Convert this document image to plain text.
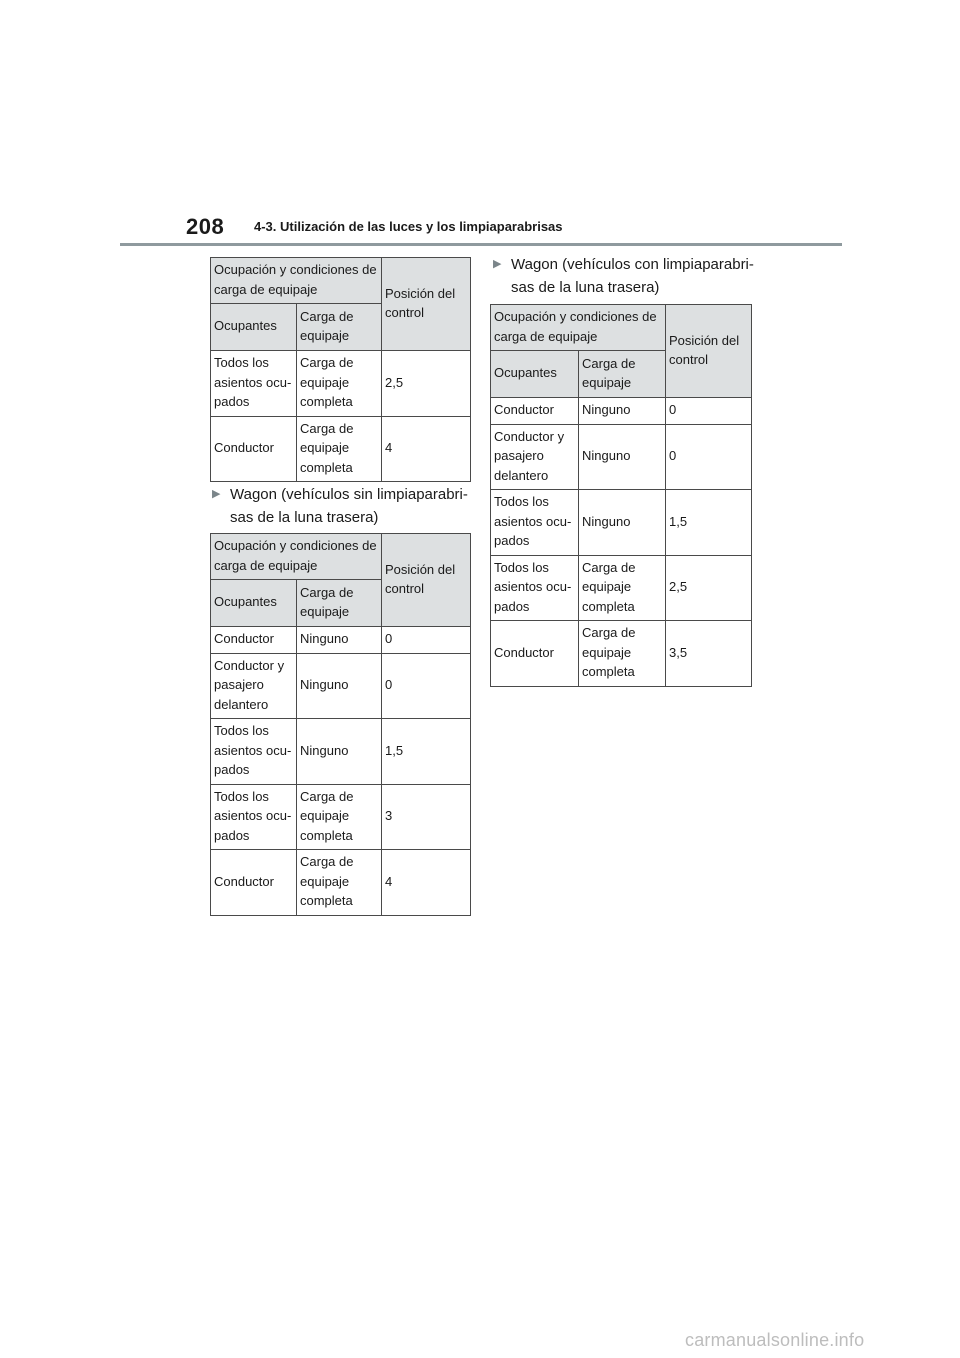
208 4-3. Utilización de las luces y los limpiaparabrisas
Ocupación y condiciones de carga de equipaje		Posición del control
Ocupantes	Carga de equipaje	
Todos los asientos ocu-pados	Carga de equipaje completa	2,5
Conductor	Carga de equipaje completa	4
▶ Wagon (vehículos sin limpiaparabri-sas de la luna trasera)
Ocupación y condiciones de carga de equipaje		Posición del control
Ocupantes	Carga de equipaje	
Conductor	Ninguno	0
Conductor y pasajero delantero	Ninguno	0
Todos los asientos ocu-pados	Ninguno	1,5
Todos los asientos ocu-pados	Carga de equipaje completa	3
Conductor	Carga de equipaje completa	4
▶ Wagon (vehículos con limpiaparabri-sas de la luna trasera)
Ocupación y condiciones de carga de equipaje		Posición del control
Ocupantes	Carga de equipaje	
Conductor	Ninguno	0
Conductor y pasajero delantero	Ninguno	0
Todos los asientos ocu-pados	Ninguno	1,5
Todos los asientos ocu-pados	Carga de equipaje completa	2,5
Conductor	Carga de equipaje completa	3,5
carmanualsonline.info
